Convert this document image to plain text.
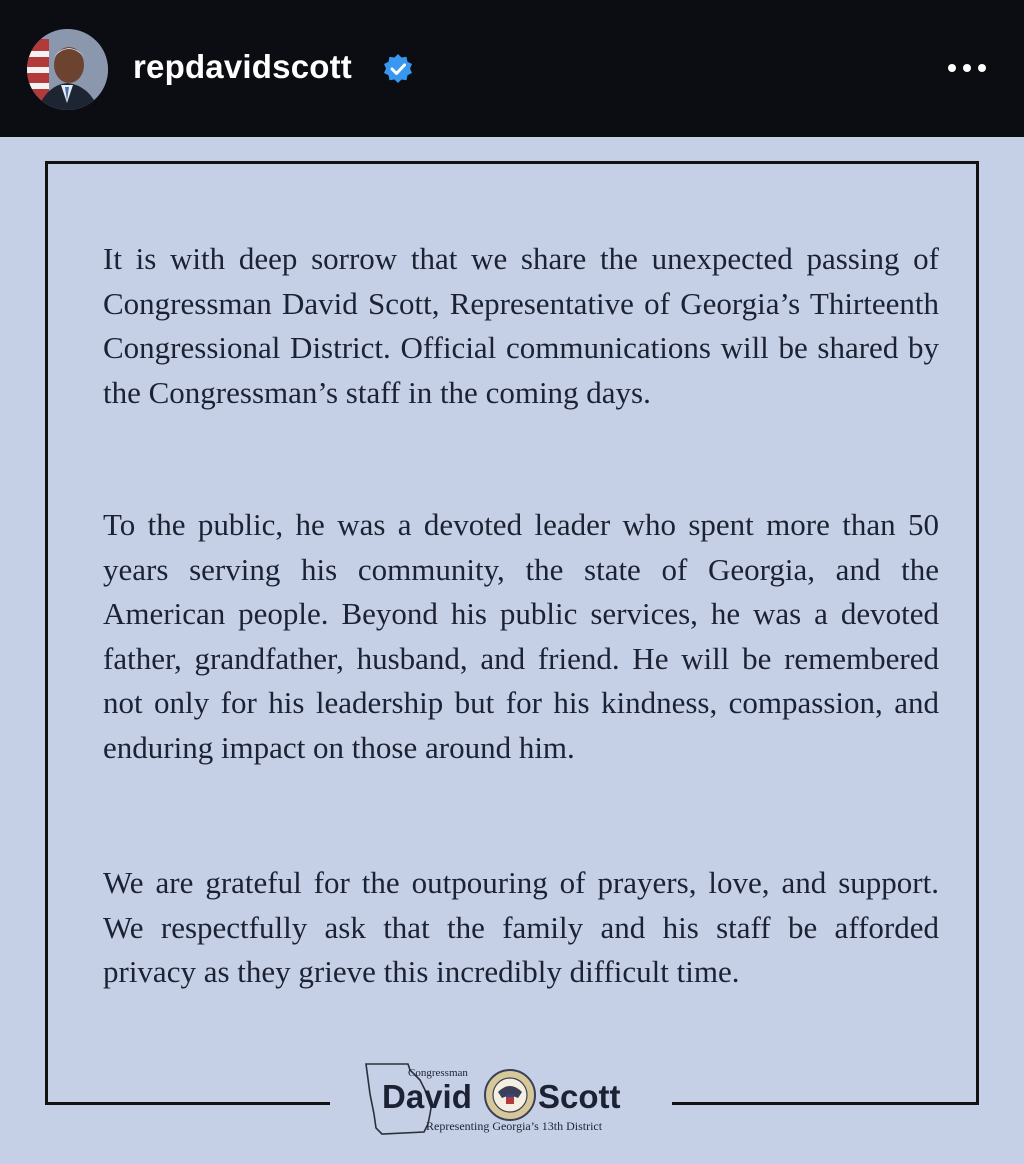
repdavidscott

It is with deep sorrow that we share the unexpected passing of Congressman David Scott, Representative of Georgia’s Thirteenth Congressional District. Official communications will be shared by the Congressman’s staff in the coming days.

To the public, he was a devoted leader who spent more than 50 years serving his community, the state of Georgia, and the American people. Beyond his public services, he was a devoted father, grandfather, husband, and friend. He will be remembered not only for his leadership but for his kindness, compassion, and enduring impact on those around him.

We are grateful for the outpouring of prayers, love, and support. We respectfully ask that the family and his staff be afforded privacy as they grieve this incredibly difficult time.

Congressman
David Scott
Representing Georgia’s 13th District
